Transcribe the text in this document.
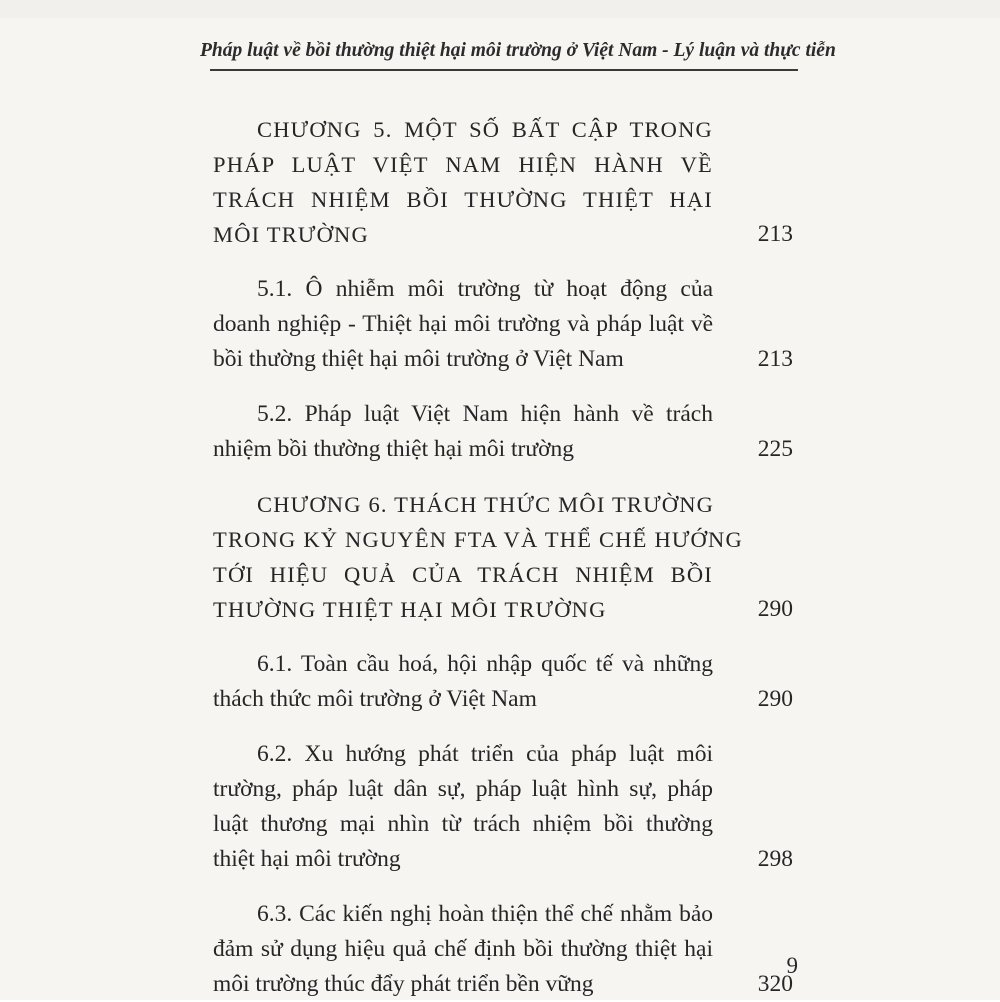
Pháp luật về bồi thường thiệt hại môi trường ở Việt Nam - Lý luận và thực tiễn
CHƯƠNG 5. MỘT SỐ BẤT CẬP TRONG
PHÁP LUẬT VIỆT NAM HIỆN HÀNH VỀ
TRÁCH NHIỆM BỒI THƯỜNG THIỆT HẠI
MÔI TRƯỜNG	213
5.1. Ô nhiễm môi trường từ hoạt động của
doanh nghiệp - Thiệt hại môi trường và pháp luật về
bồi thường thiệt hại môi trường ở Việt Nam	213
5.2. Pháp luật Việt Nam hiện hành về trách
nhiệm bồi thường thiệt hại môi trường	225
CHƯƠNG 6. THÁCH THỨC MÔI TRƯỜNG
TRONG KỶ NGUYÊN FTA VÀ THỂ CHẾ HƯỚNG
TỚI HIỆU QUẢ CỦA TRÁCH NHIỆM BỒI
THƯỜNG THIỆT HẠI MÔI TRƯỜNG	290
6.1. Toàn cầu hoá, hội nhập quốc tế và những
thách thức môi trường ở Việt Nam	290
6.2. Xu hướng phát triển của pháp luật môi
trường, pháp luật dân sự, pháp luật hình sự, pháp
luật thương mại nhìn từ trách nhiệm bồi thường
thiệt hại môi trường	298
6.3. Các kiến nghị hoàn thiện thể chế nhằm bảo
đảm sử dụng hiệu quả chế định bồi thường thiệt hại
môi trường thúc đẩy phát triển bền vững	320
9
